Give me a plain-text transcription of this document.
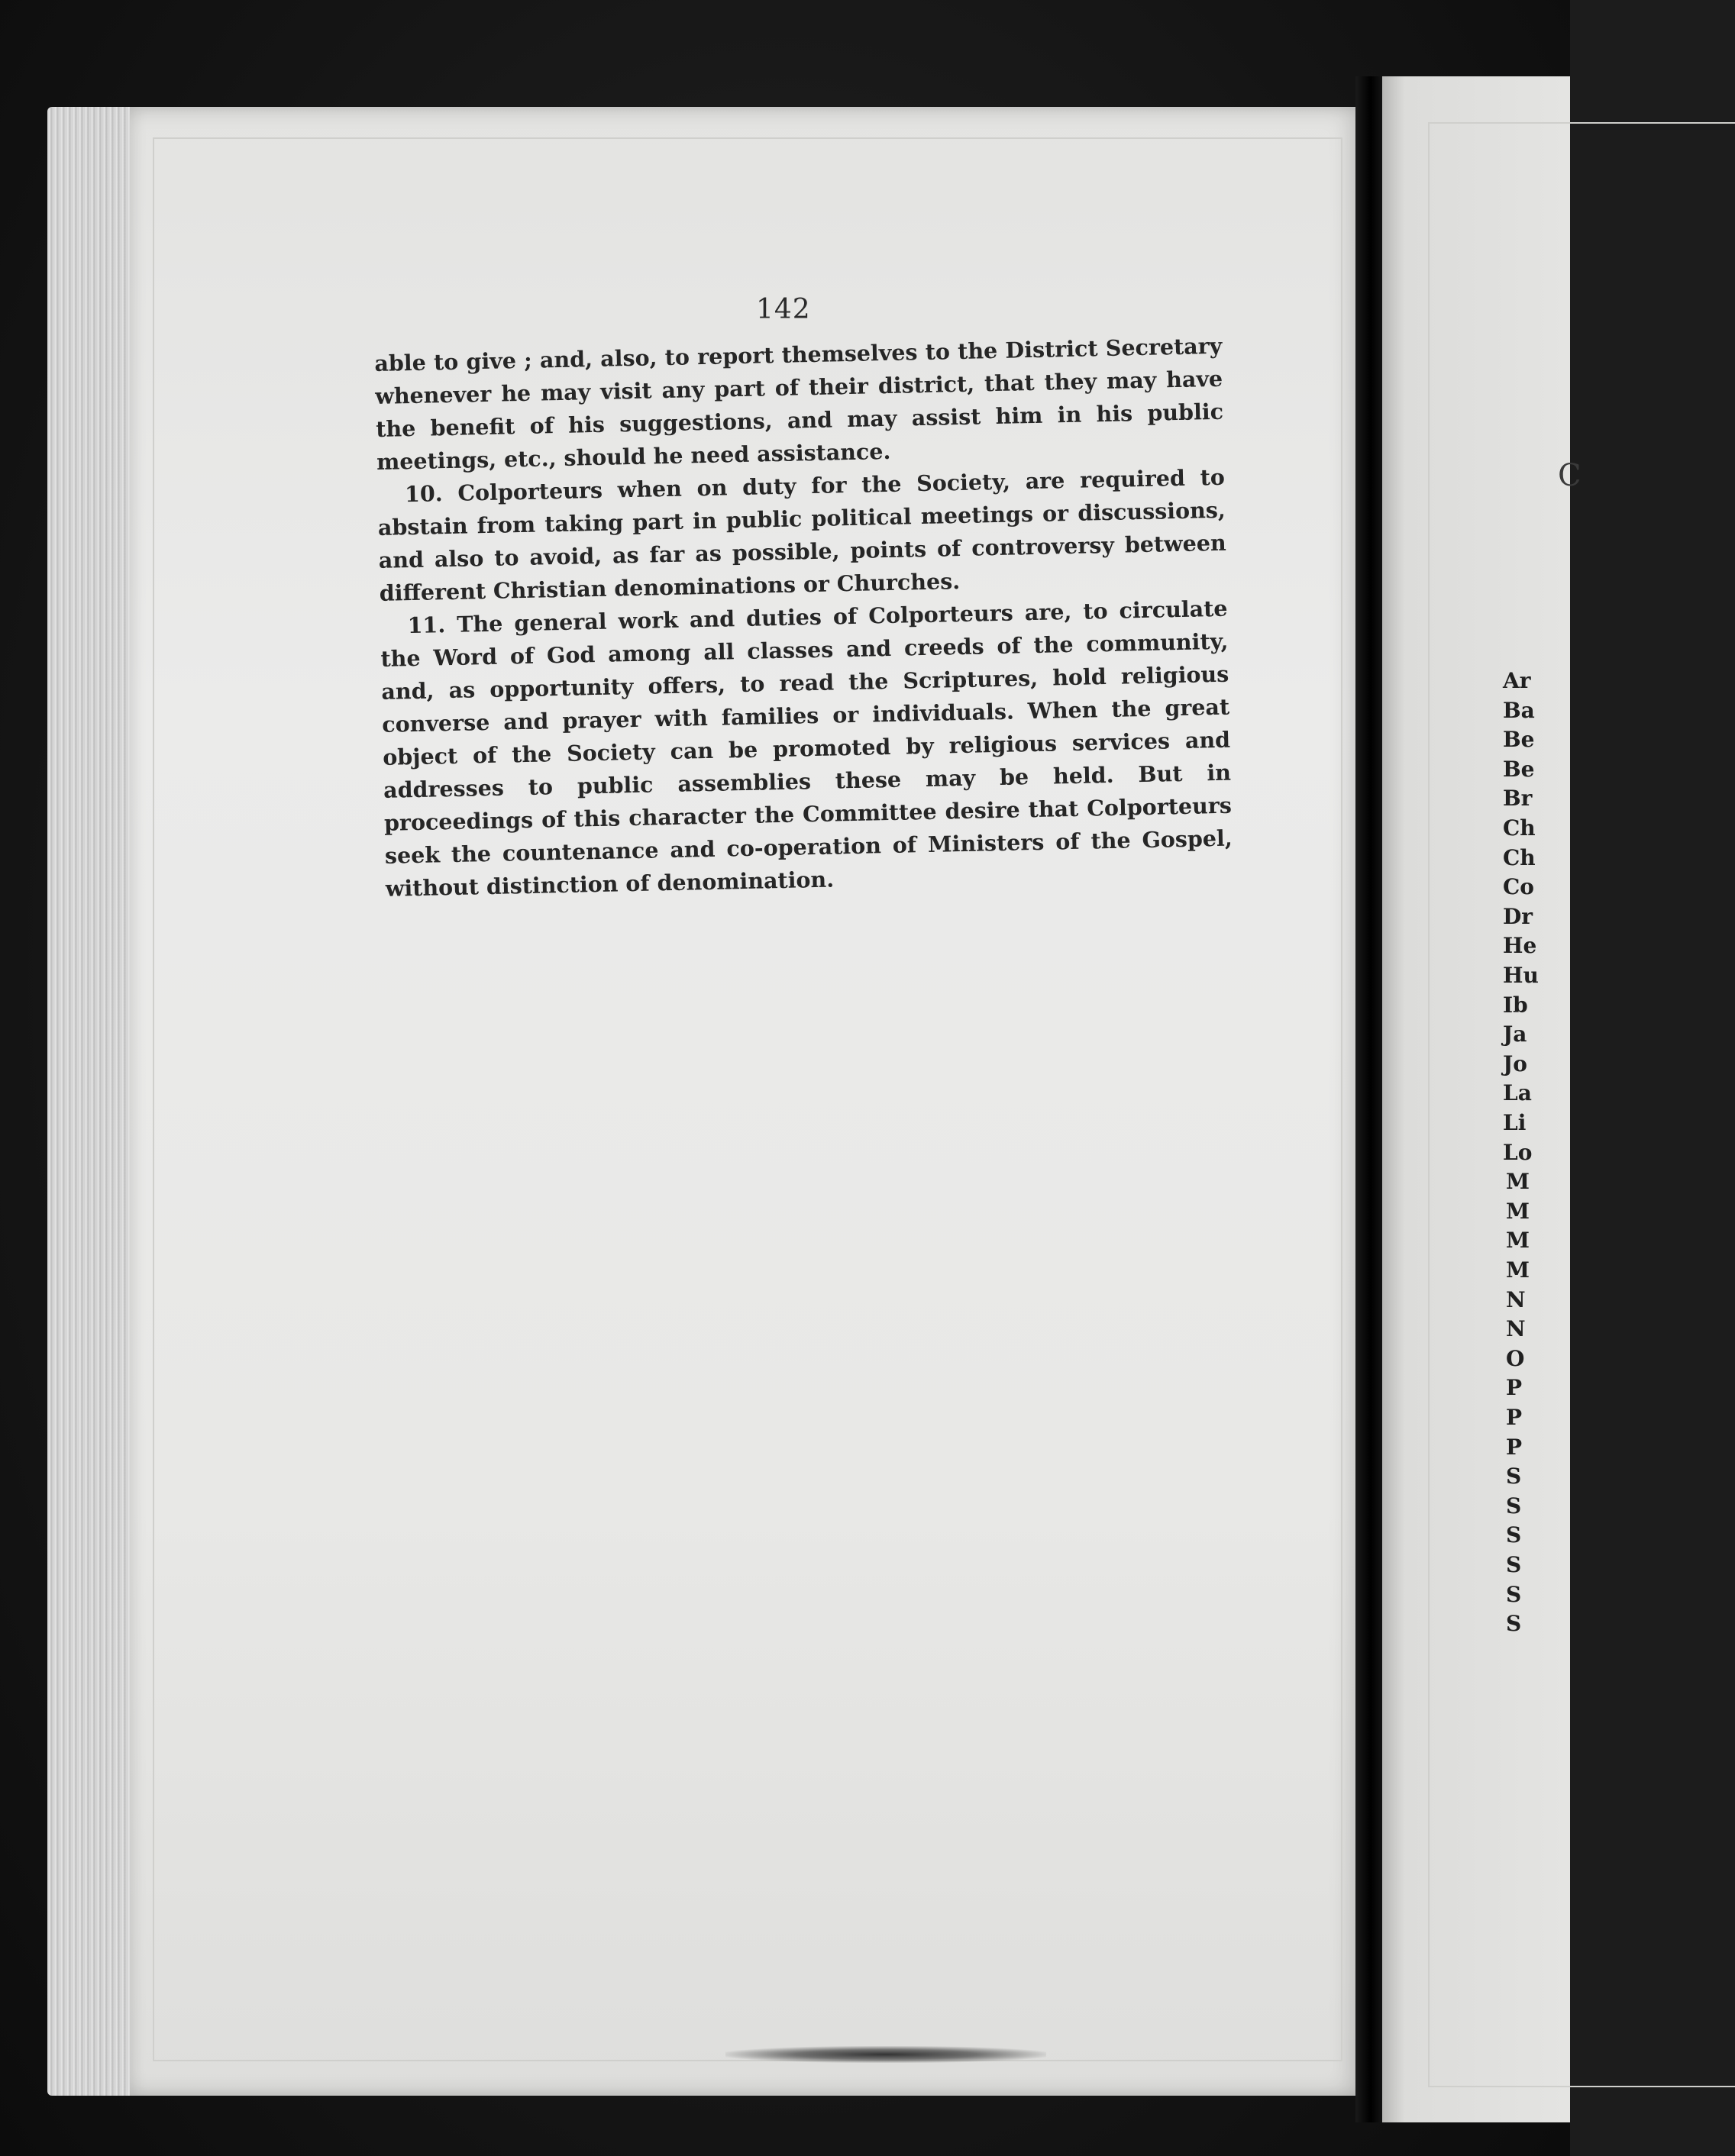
142

able to give ; and, also, to report themselves to the District Secretary whenever he may visit any part of their district, that they may have the benefit of his suggestions, and may assist him in his public meetings, etc., should he need assistance.

10. Colporteurs when on duty for the Society, are required to abstain from taking part in public political meetings or discussions, and also to avoid, as far as possible, points of controversy between different Christian denominations or Churches.

11. The general work and duties of Colporteurs are, to circulate the Word of God among all classes and creeds of the community, and, as opportunity offers, to read the Scriptures, hold religious converse and prayer with families or individuals. When the great object of the Society can be promoted by religious services and addresses to public assemblies these may be held. But in proceedings of this character the Committee desire that Colporteurs seek the countenance and co-operation of Ministers of the Gospel, without distinction of denomination.

C
Ar
Ba
Be
Be
Br
Ch
Ch
Co
Dr
He
Hu
Ib
Ja
Jo
La
Li
Lo
M
M
M
M
N
N
O
P
P
P
S
S
S
S
S
S
